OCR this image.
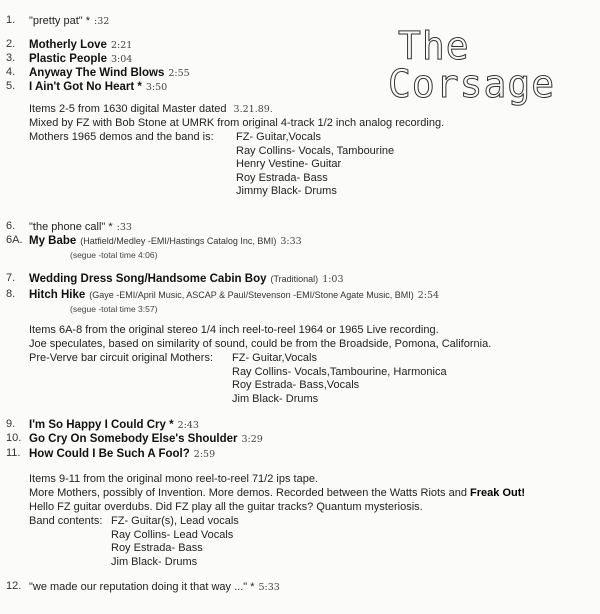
The
Corsage
1. "pretty pat" * :32
2. Motherly Love 2:21
3. Plastic People 3:04
4. Anyway The Wind Blows 2:55
5. I Ain't Got No Heart * 3:50
6. "the phone call" * :33
6A. My Babe (Hatfield/Medley -EMI/Hastings Catalog Inc, BMI) 3:33
(segue -total time 4:06)
7. Wedding Dress Song/Handsome Cabin Boy (Traditional) 1:03
8. Hitch Hike (Gaye -EMI/April Music, ASCAP & Paul/Stevenson -EMI/Stone Agate Music, BMI) 2:54
(segue -total time 3:57)
9. I'm So Happy I Could Cry * 2:43
10. Go Cry On Somebody Else's Shoulder 3:29
11. How Could I Be Such A Fool? 2:59
12. "we made our reputation doing it that way ..." * 5:33
Items 2-5 from 1630 digital Master dated 3.21.89.
Mixed by FZ with Bob Stone at UMRK from original 4-track 1/2 inch analog recording.
Mothers 1965 demos and the band is: FZ- Guitar,Vocals
Ray Collins- Vocals, Tambourine
Henry Vestine- Guitar
Roy Estrada- Bass
Jimmy Black- Drums
Items 6A-8 from the original stereo 1/4 inch reel-to-reel 1964 or 1965 Live recording.
Joe speculates, based on similarity of sound, could be from the Broadside, Pomona, California.
Pre-Verve bar circuit original Mothers: FZ- Guitar,Vocals
Ray Collins- Vocals,Tambourine, Harmonica
Roy Estrada- Bass,Vocals
Jim Black- Drums
Items 9-11 from the original mono reel-to-reel 71/2 ips tape.
More Mothers, possibly of Invention. More demos. Recorded between the Watts Riots and Freak Out!
Hello FZ guitar overdubs. Did FZ play all the guitar tracks? Quantum mysteriosis.
Band contents: FZ- Guitar(s), Lead vocals
Ray Collins- Lead Vocals
Roy Estrada- Bass
Jim Black- Drums
